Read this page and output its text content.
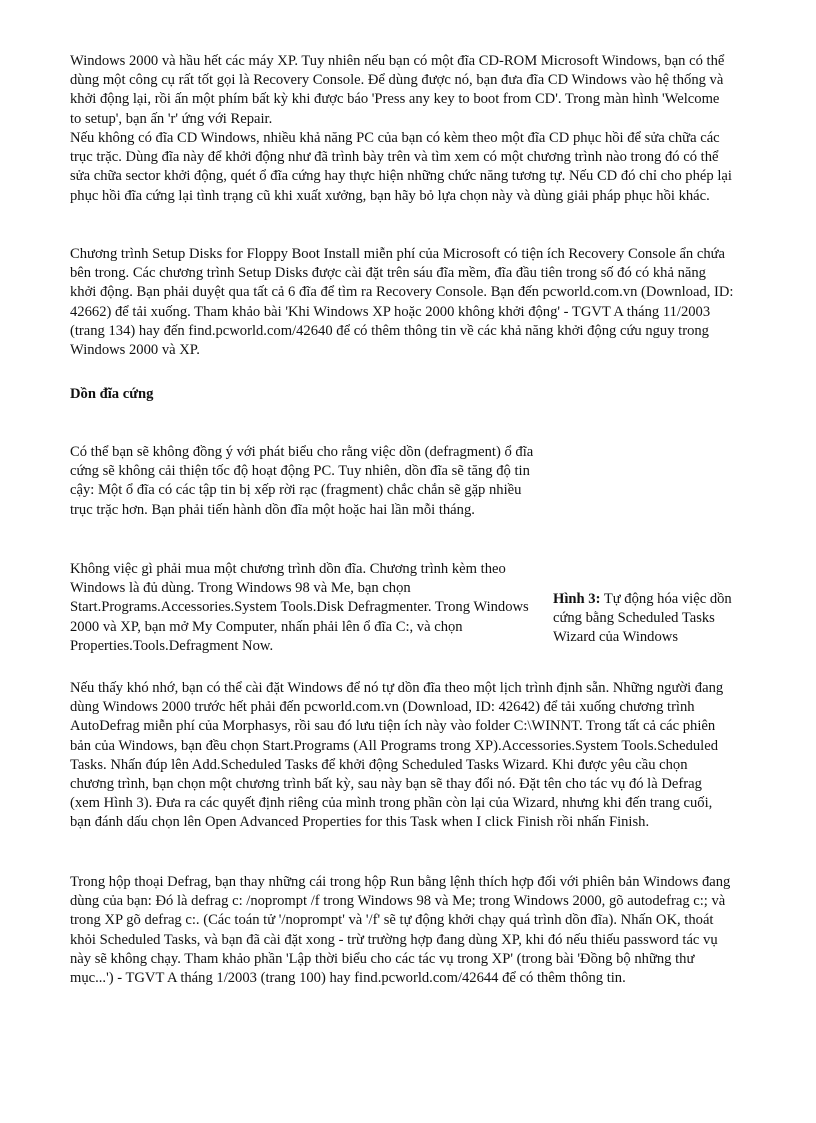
Windows 2000 và hầu hết các máy XP. Tuy nhiên nếu bạn có một đĩa CD-ROM Microsoft Windows, bạn có thể dùng một công cụ rất tốt gọi là Recovery Console. Để dùng được nó, bạn đưa đĩa CD Windows vào hệ thống và khởi động lại, rồi ấn một phím bất kỳ khi được báo 'Press any key to boot from CD'. Trong màn hình 'Welcome to setup', bạn ấn 'r' ứng với Repair.

Nếu không có đĩa CD Windows, nhiều khả năng PC của bạn có kèm theo một đĩa CD phục hồi để sửa chữa các trục trặc. Dùng đĩa này để khởi động như đã trình bày trên và tìm xem có một chương trình nào trong đó có thể sửa chữa sector khởi động, quét ổ đĩa cứng hay thực hiện những chức năng tương tự. Nếu CD đó chỉ cho phép lại phục hồi đĩa cứng lại tình trạng cũ khi xuất xưởng, bạn hãy bỏ lựa chọn này và dùng giải pháp phục hồi khác.

Chương trình Setup Disks for Floppy Boot Install miễn phí của Microsoft có tiện ích Recovery Console ẩn chứa bên trong. Các chương trình Setup Disks được cài đặt trên sáu đĩa mềm, đĩa đầu tiên trong số đó có khả năng khởi động. Bạn phải duyệt qua tất cả 6 đĩa để tìm ra Recovery Console. Bạn đến pcworld.com.vn (Download, ID: 42662) để tải xuống. Tham khảo bài 'Khi Windows XP hoặc 2000 không khởi động' - TGVT A tháng 11/2003 (trang 134) hay đến find.pcworld.com/42640 để có thêm thông tin về các khả năng khởi động cứu nguy trong Windows 2000 và XP.

Dồn đĩa cứng

Có thể bạn sẽ không đồng ý với phát biểu cho rằng việc dồn (defragment) ổ đĩa cứng sẽ không cải thiện tốc độ hoạt động PC. Tuy nhiên, dồn đĩa sẽ tăng độ tin cậy: Một ổ đĩa có các tập tin bị xếp rời rạc (fragment) chắc chắn sẽ gặp nhiều trục trặc hơn. Bạn phải tiến hành dồn đĩa một hoặc hai lần mỗi tháng.

Không việc gì phải mua một chương trình dồn đĩa. Chương trình kèm theo Windows là đủ dùng. Trong Windows 98 và Me, bạn chọn Start.Programs.Accessories.System Tools.Disk Defragmenter. Trong Windows 2000 và XP, bạn mở My Computer, nhấn phải lên ổ đĩa C:, và chọn Properties.Tools.Defragment Now.

Hình 3: Tự động hóa việc dồn cứng bằng Scheduled Tasks Wizard của Windows

Nếu thấy khó nhớ, bạn có thể cài đặt Windows để nó tự dồn đĩa theo một lịch trình định sẵn. Những người đang dùng Windows 2000 trước hết phải đến pcworld.com.vn (Download, ID: 42642) để tải xuống chương trình AutoDefrag miễn phí của Morphasys, rồi sau đó lưu tiện ích này vào folder C:\WINNT. Trong tất cả các phiên bản của Windows, bạn đều chọn Start.Programs (All Programs trong XP).Accessories.System Tools.Scheduled Tasks. Nhấn đúp lên Add.Scheduled Tasks để khởi động Scheduled Tasks Wizard. Khi được yêu cầu chọn chương trình, bạn chọn một chương trình bất kỳ, sau này bạn sẽ thay đổi nó. Đặt tên cho tác vụ đó là Defrag (xem Hình 3). Đưa ra các quyết định riêng của mình trong phần còn lại của Wizard, nhưng khi đến trang cuối, bạn đánh dấu chọn lên Open Advanced Properties for this Task when I click Finish rồi nhấn Finish.

Trong hộp thoại Defrag, bạn thay những cái trong hộp Run bằng lệnh thích hợp đối với phiên bản Windows đang dùng của bạn: Đó là defrag c: /noprompt /f trong Windows 98 và Me; trong Windows 2000, gõ autodefrag c:; và trong XP gõ defrag c:. (Các toán tử '/noprompt' và '/f' sẽ tự động khởi chạy quá trình dồn đĩa). Nhấn OK, thoát khỏi Scheduled Tasks, và bạn đã cài đặt xong - trừ trường hợp đang dùng XP, khi đó nếu thiếu password tác vụ này sẽ không chạy. Tham khảo phần 'Lập thời biểu cho các tác vụ trong XP' (trong bài 'Đồng bộ những thư mục...') - TGVT A tháng 1/2003 (trang 100) hay find.pcworld.com/42644 để có thêm thông tin.
